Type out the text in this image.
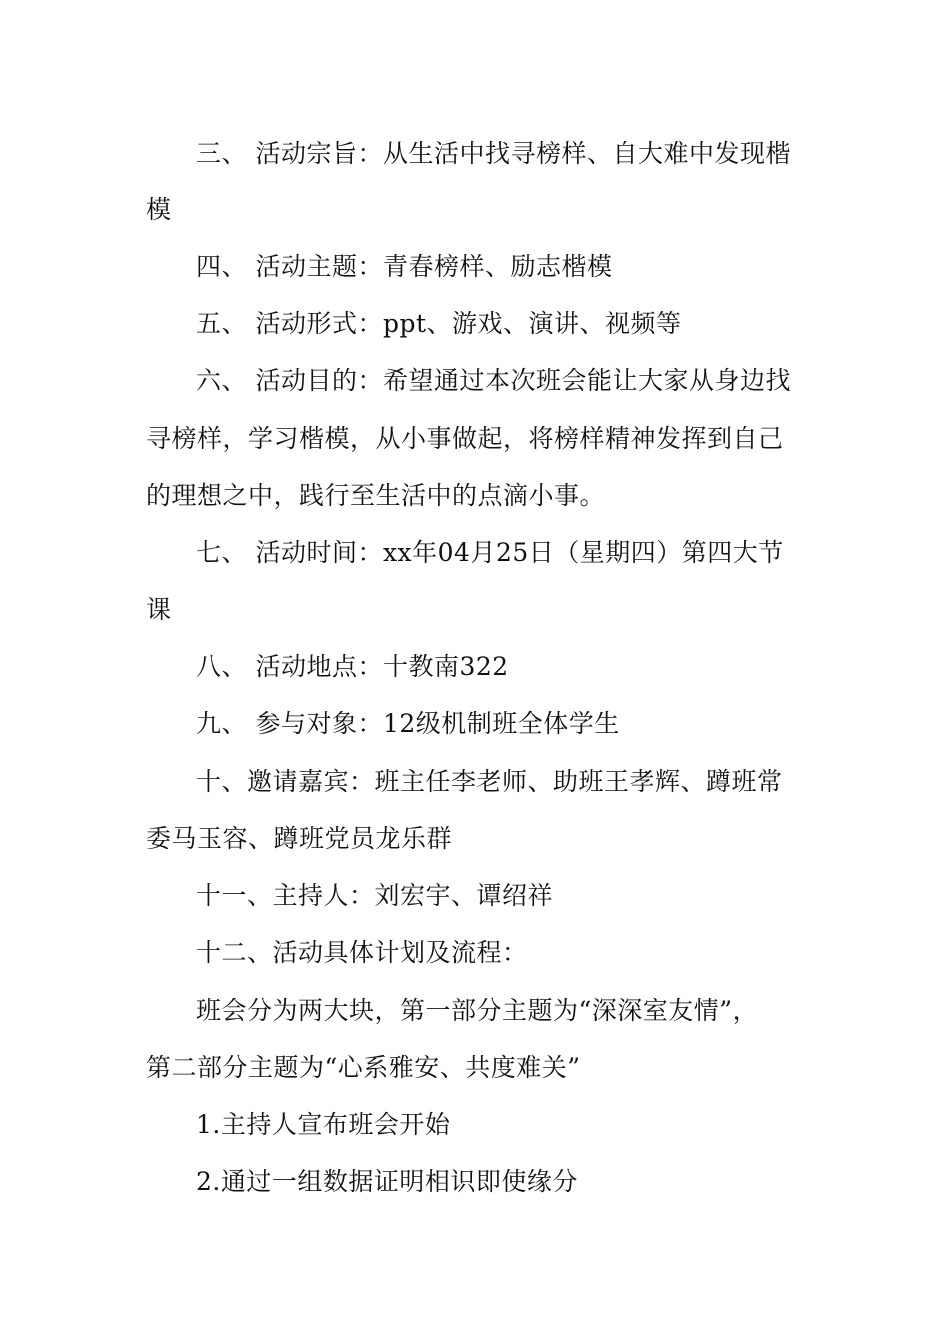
三、 活动宗旨：从生活中找寻榜样、自大难中发现楷
模
四、 活动主题：青春榜样、励志楷模
五、 活动形式：ppt、游戏、演讲、视频等
六、 活动目的：希望通过本次班会能让大家从身边找
寻榜样，学习楷模，从小事做起，将榜样精神发挥到自己
的理想之中，践行至生活中的点滴小事。
七、 活动时间：xx年04月25日（星期四）第四大节
课
八、 活动地点：十教南322
九、 参与对象：12级机制班全体学生
十、邀请嘉宾：班主任李老师、助班王孝辉、蹲班常
委马玉容、蹲班党员龙乐群
十一、主持人：刘宏宇、谭绍祥
十二、活动具体计划及流程：
班会分为两大块，第一部分主题为“深深室友情”，
第二部分主题为“心系雅安、共度难关”
1.主持人宣布班会开始
2.通过一组数据证明相识即使缘分
